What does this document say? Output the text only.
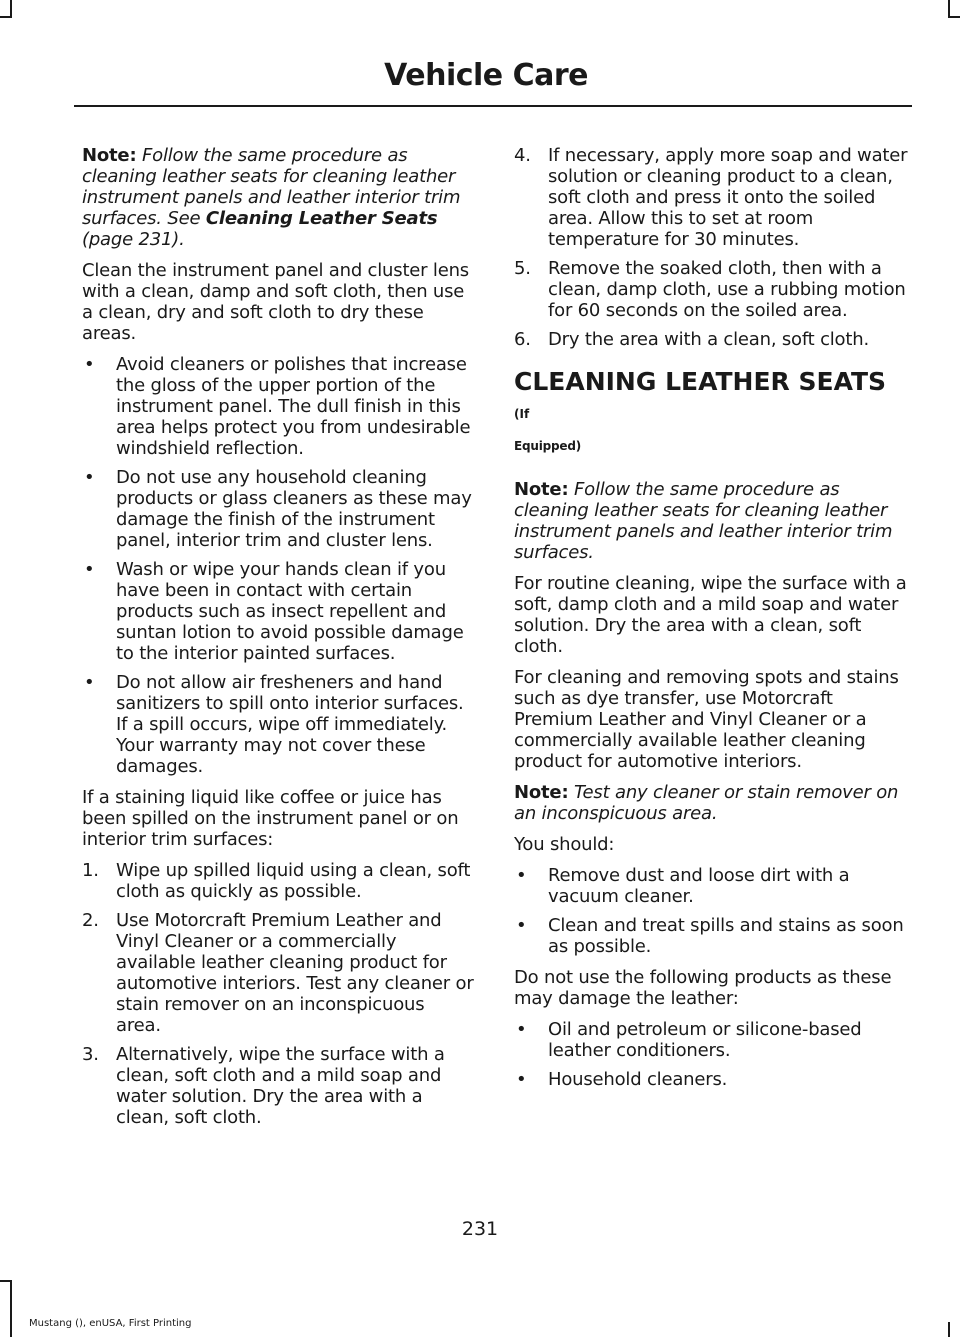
Vehicle Care

Note: Follow the same procedure as cleaning leather seats for cleaning leather instrument panels and leather interior trim surfaces. See Cleaning Leather Seats (page 231).

Clean the instrument panel and cluster lens with a clean, damp and soft cloth, then use a clean, dry and soft cloth to dry these areas.

• Avoid cleaners or polishes that increase the gloss of the upper portion of the instrument panel. The dull finish in this area helps protect you from undesirable windshield reflection.
• Do not use any household cleaning products or glass cleaners as these may damage the finish of the instrument panel, interior trim and cluster lens.
• Wash or wipe your hands clean if you have been in contact with certain products such as insect repellent and suntan lotion to avoid possible damage to the interior painted surfaces.
• Do not allow air fresheners and hand sanitizers to spill onto interior surfaces. If a spill occurs, wipe off immediately. Your warranty may not cover these damages.

If a staining liquid like coffee or juice has been spilled on the instrument panel or on interior trim surfaces:

1. Wipe up spilled liquid using a clean, soft cloth as quickly as possible.
2. Use Motorcraft Premium Leather and Vinyl Cleaner or a commercially available leather cleaning product for automotive interiors. Test any cleaner or stain remover on an inconspicuous area.
3. Alternatively, wipe the surface with a clean, soft cloth and a mild soap and water solution. Dry the area with a clean, soft cloth.
4. If necessary, apply more soap and water solution or cleaning product to a clean, soft cloth and press it onto the soiled area. Allow this to set at room temperature for 30 minutes.
5. Remove the soaked cloth, then with a clean, damp cloth, use a rubbing motion for 60 seconds on the soiled area.
6. Dry the area with a clean, soft cloth.
CLEANING LEATHER SEATS (If
Equipped)

Note: Follow the same procedure as cleaning leather seats for cleaning leather instrument panels and leather interior trim surfaces.

For routine cleaning, wipe the surface with a soft, damp cloth and a mild soap and water solution. Dry the area with a clean, soft cloth.

For cleaning and removing spots and stains such as dye transfer, use Motorcraft Premium Leather and Vinyl Cleaner or a commercially available leather cleaning product for automotive interiors.

Note: Test any cleaner or stain remover on an inconspicuous area.

You should:

• Remove dust and loose dirt with a vacuum cleaner.
• Clean and treat spills and stains as soon as possible.

Do not use the following products as these may damage the leather:

• Oil and petroleum or silicone-based leather conditioners.
• Household cleaners.
231
Mustang (), enUSA, First Printing
